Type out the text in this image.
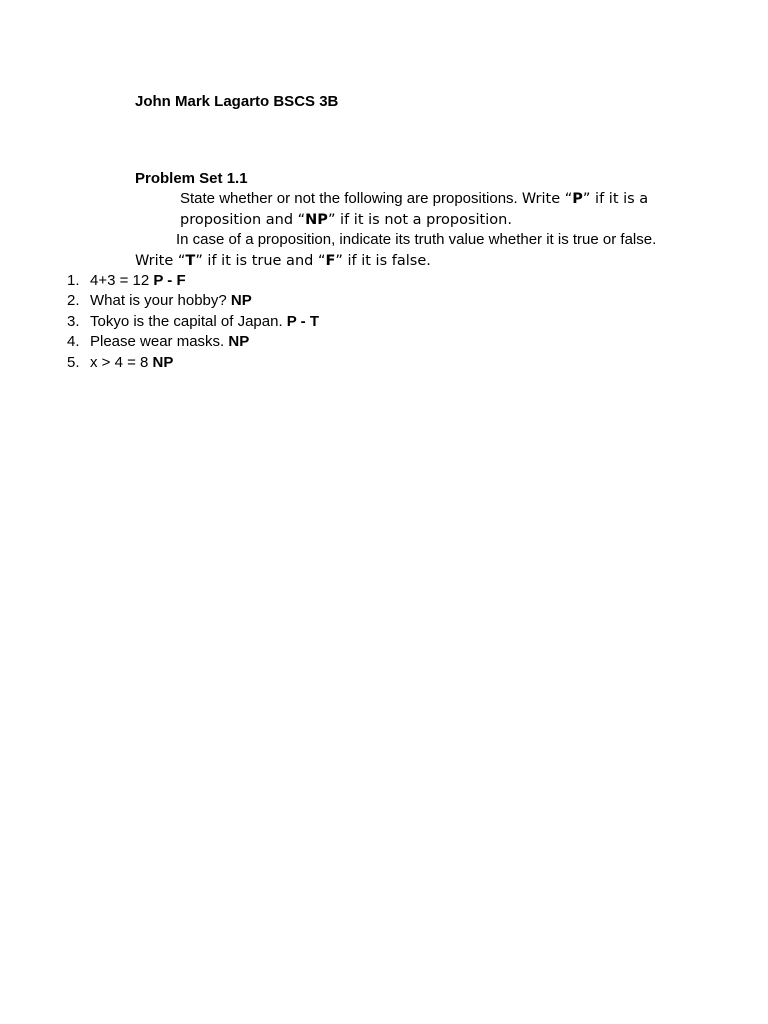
John Mark Lagarto BSCS 3B
Problem Set 1.1
State whether or not the following are propositions. Write “P” if it is a
proposition and “NP” if it is not a proposition.
In case of a proposition, indicate its truth value whether it is true or false.
Write “T” if it is true and “F” if it is false.
1. 4+3 = 12 P - F
2. What is your hobby? NP
3. Tokyo is the capital of Japan. P - T
4. Please wear masks. NP
5. x > 4 = 8 NP
